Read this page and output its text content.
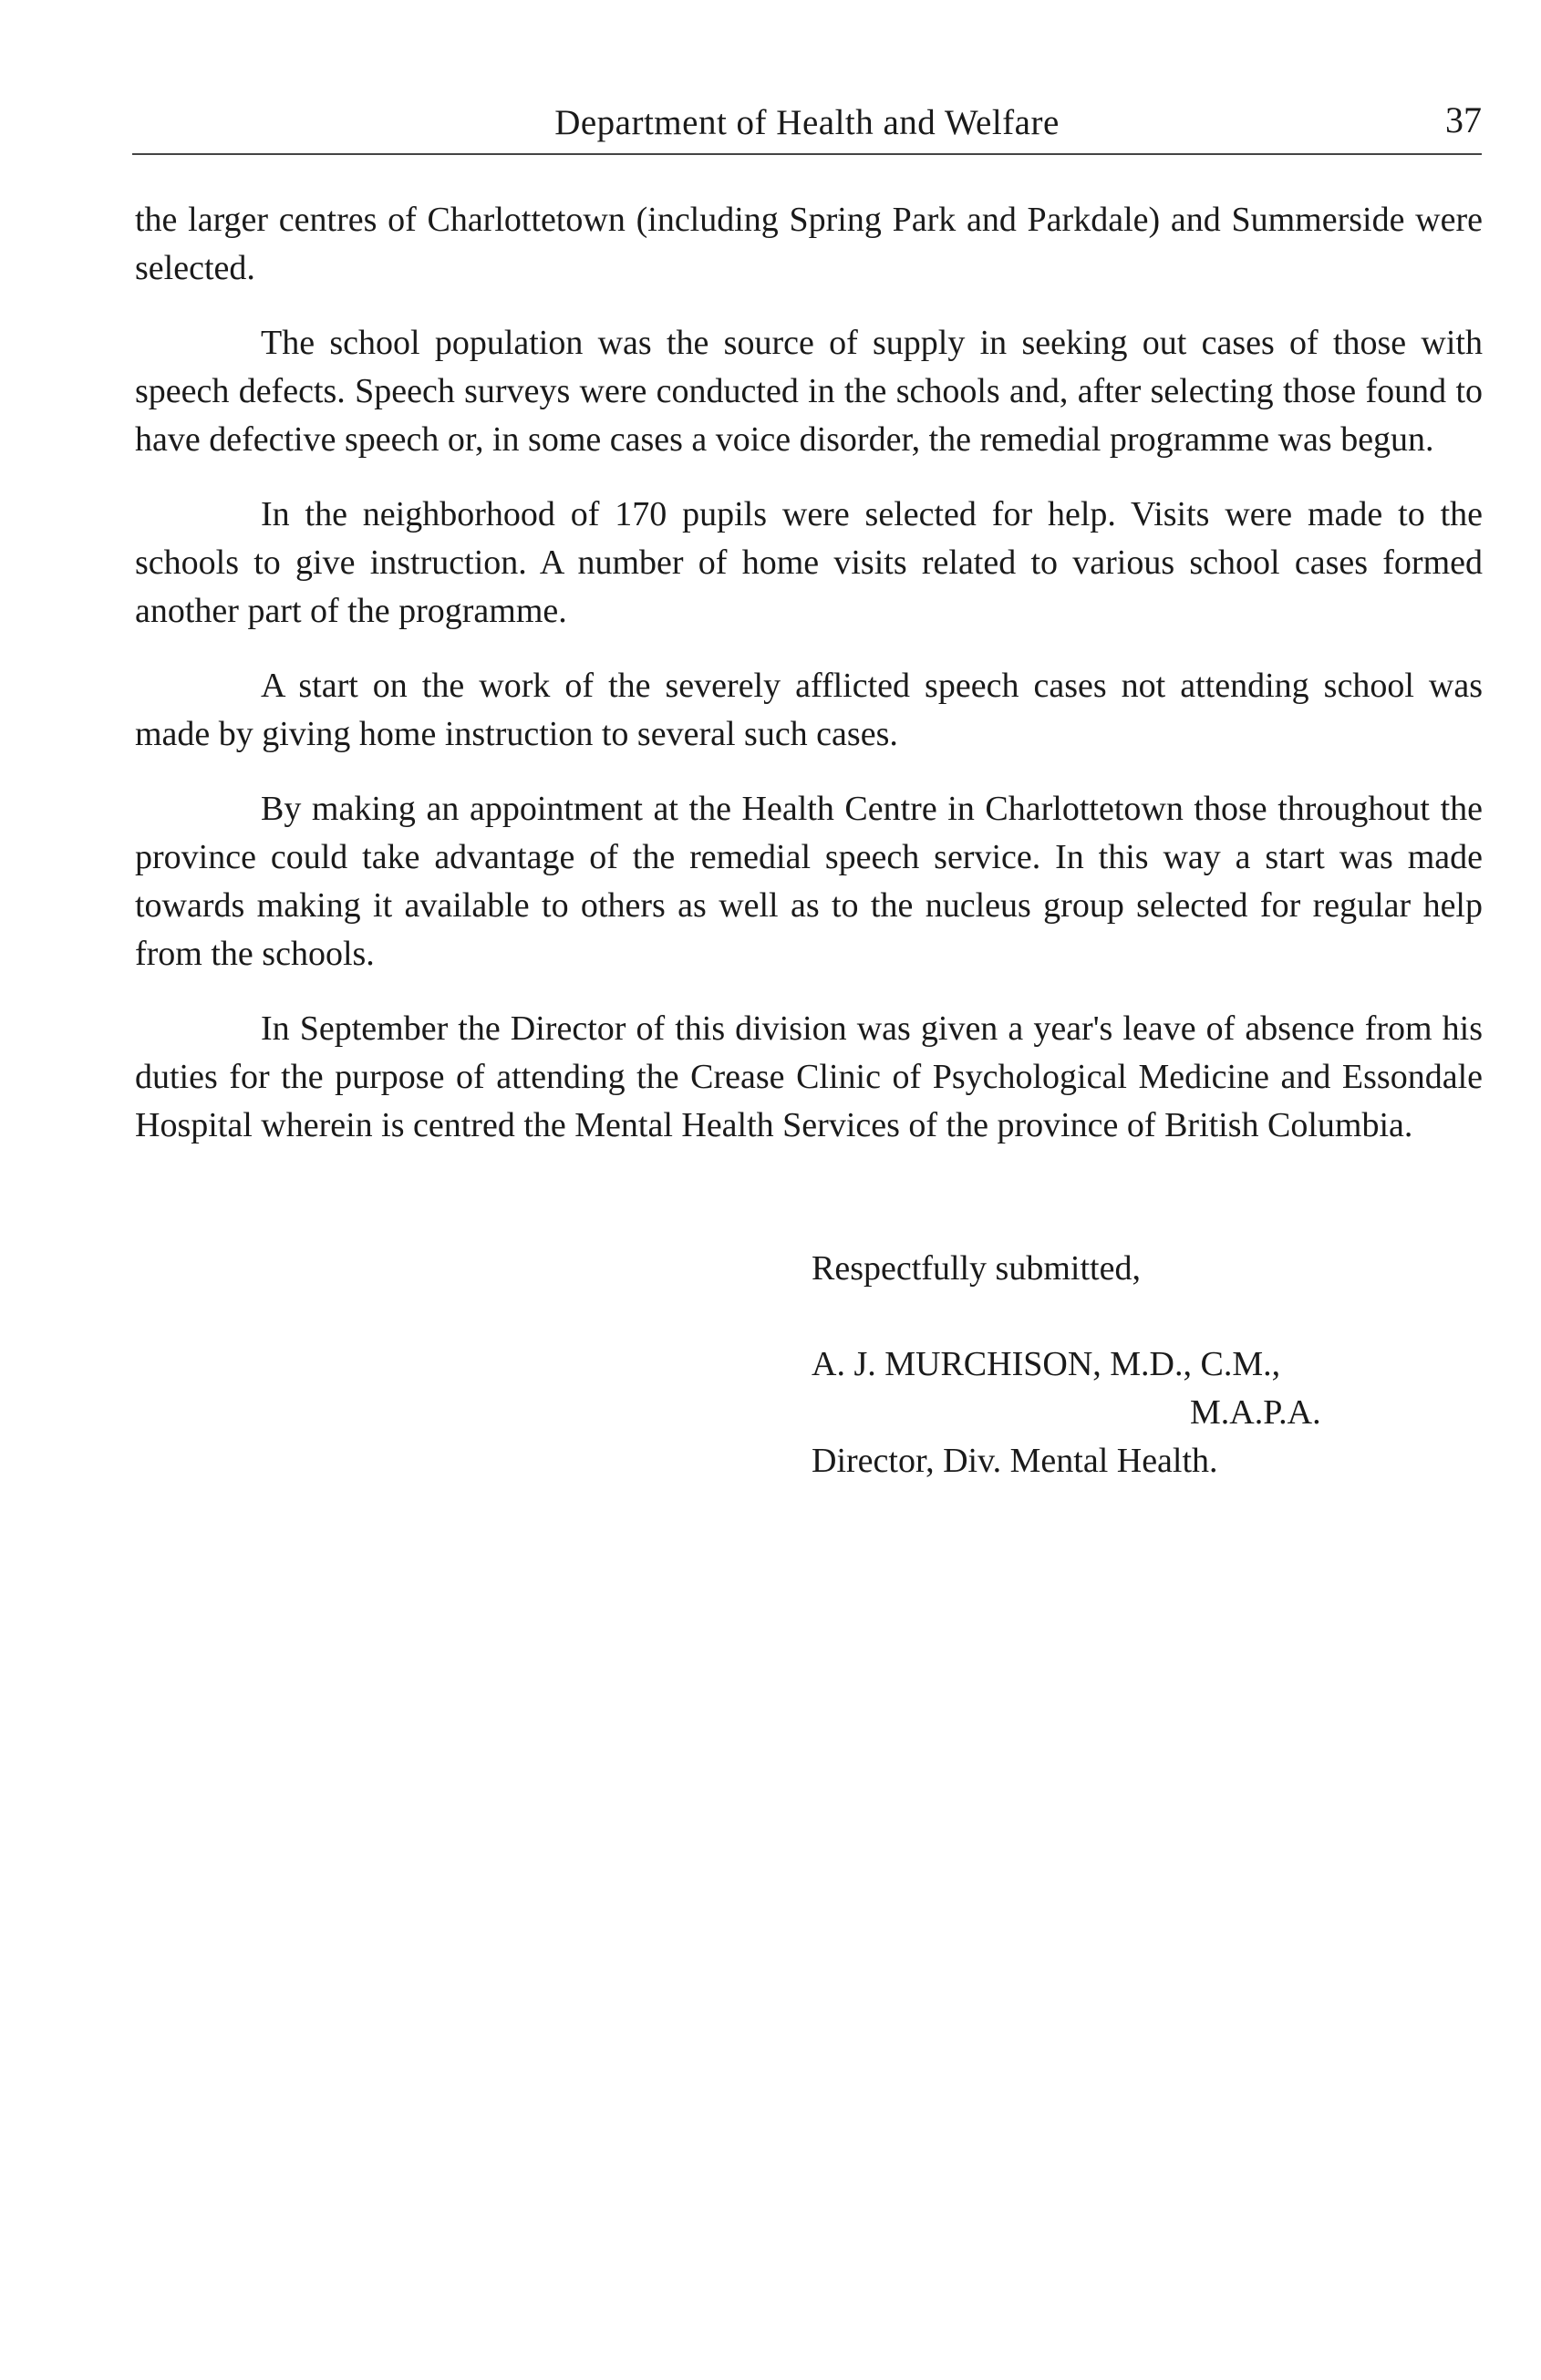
Department of Health and Welfare	37

the larger centres of Charlottetown (including Spring Park and Parkdale) and Summerside were selected.

The school population was the source of supply in seeking out cases of those with speech defects. Speech surveys were conducted in the schools and, after selecting those found to have defective speech or, in some cases a voice disorder, the remedial programme was begun.

In the neighborhood of 170 pupils were selected for help. Visits were made to the schools to give instruction. A number of home visits related to various school cases formed another part of the programme.

A start on the work of the severely afflicted speech cases not attending school was made by giving home instruction to several such cases.

By making an appointment at the Health Centre in Charlottetown those throughout the province could take advantage of the remedial speech service. In this way a start was made towards making it available to others as well as to the nucleus group selected for regular help from the schools.

In September the Director of this division was given a year's leave of absence from his duties for the purpose of attending the Crease Clinic of Psychological Medicine and Essondale Hospital wherein is centred the Mental Health Services of the province of British Columbia.

Respectfully submitted,
A. J. MURCHISON, M.D., C.M.,
M.A.P.A.
Director, Div. Mental Health.
